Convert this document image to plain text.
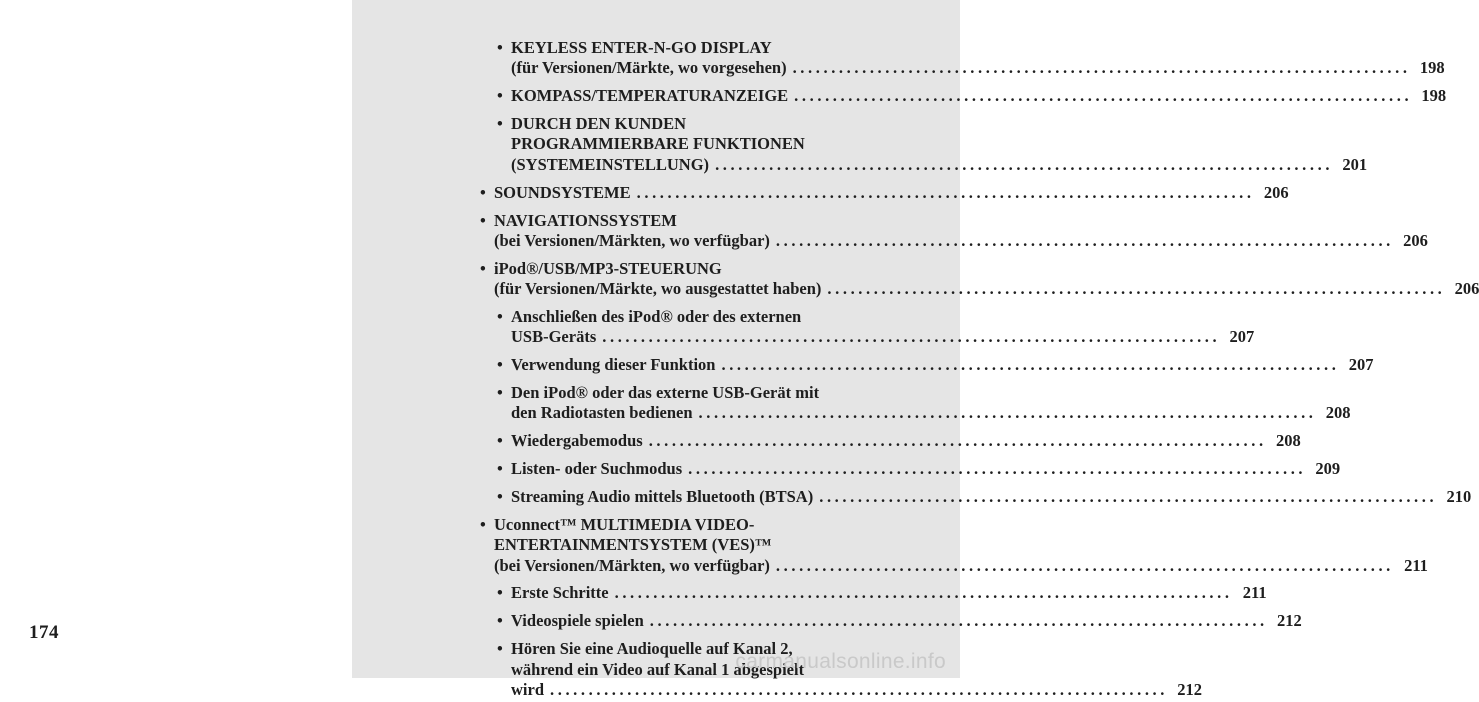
174
• KEYLESS ENTER-N-GO DISPLAY
(für Versionen/Märkte, wo vorgesehen) ................................................................................ 198
• KOMPASS/TEMPERATURANZEIGE ................................................................................ 198
• DURCH DEN KUNDEN
PROGRAMMIERBARE FUNKTIONEN
(SYSTEMEINSTELLUNG) ................................................................................ 201
• SOUNDSYSTEME ................................................................................ 206
• NAVIGATIONSSYSTEM
(bei Versionen/Märkten, wo verfügbar) ................................................................................ 206
• iPod®/USB/MP3-STEUERUNG
(für Versionen/Märkte, wo ausgestattet haben) ................................................................................ 206
• Anschließen des iPod® oder des externen
USB-Geräts ................................................................................ 207
• Verwendung dieser Funktion ................................................................................ 207
• Den iPod® oder das externe USB-Gerät mit
den Radiotasten bedienen ................................................................................ 208
• Wiedergabemodus ................................................................................ 208
• Listen- oder Suchmodus ................................................................................ 209
• Streaming Audio mittels Bluetooth (BTSA) ................................................................................ 210
• Uconnect™ MULTIMEDIA VIDEO-
ENTERTAINMENTSYSTEM (VES)™
(bei Versionen/Märkten, wo verfügbar) ................................................................................ 211
• Erste Schritte ................................................................................ 211
• Videospiele spielen ................................................................................ 212
• Hören Sie eine Audioquelle auf Kanal 2,
während ein Video auf Kanal 1 abgespielt
wird ................................................................................ 212
carmanualsonline.info
